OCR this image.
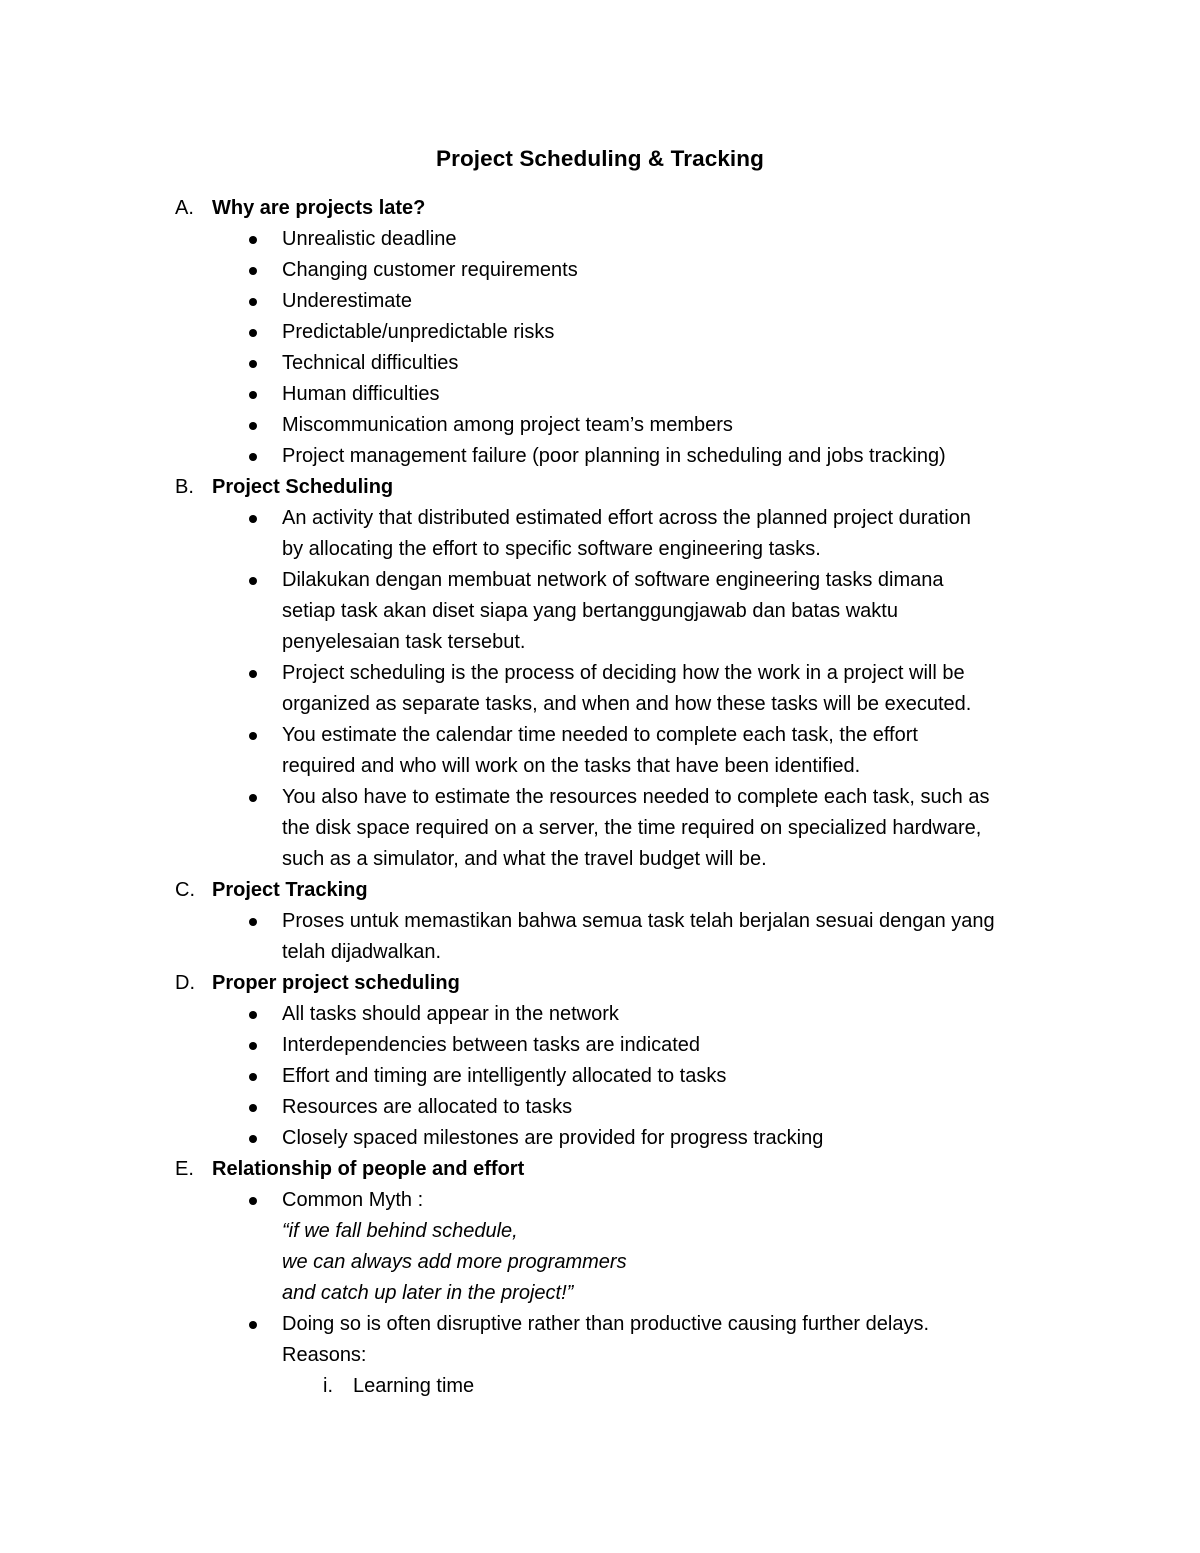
Project Scheduling & Tracking
A. Why are projects late?
Unrealistic deadline
Changing customer requirements
Underestimate
Predictable/unpredictable risks
Technical difficulties
Human difficulties
Miscommunication among project team’s members
Project management failure (poor planning in scheduling and jobs tracking)
B. Project Scheduling
An activity that distributed estimated effort across the planned project duration
by allocating the effort to specific software engineering tasks.
Dilakukan dengan membuat network of software engineering tasks dimana
setiap task akan diset siapa yang bertanggungjawab dan batas waktu
penyelesaian task tersebut.
Project scheduling is the process of deciding how the work in a project will be
organized as separate tasks, and when and how these tasks will be executed.
You estimate the calendar time needed to complete each task, the effort
required and who will work on the tasks that have been identified.
You also have to estimate the resources needed to complete each task, such as
the disk space required on a server, the time required on specialized hardware,
such as a simulator, and what the travel budget will be.
C. Project Tracking
Proses untuk memastikan bahwa semua task telah berjalan sesuai dengan yang
telah dijadwalkan.
D. Proper project scheduling
All tasks should appear in the network
Interdependencies between tasks are indicated
Effort and timing are intelligently allocated to tasks
Resources are allocated to tasks
Closely spaced milestones are provided for progress tracking
E. Relationship of people and effort
Common Myth :
“if we fall behind schedule,
we can always add more programmers
and catch up later in the project!”
Doing so is often disruptive rather than productive causing further delays.
Reasons:
i. Learning time
